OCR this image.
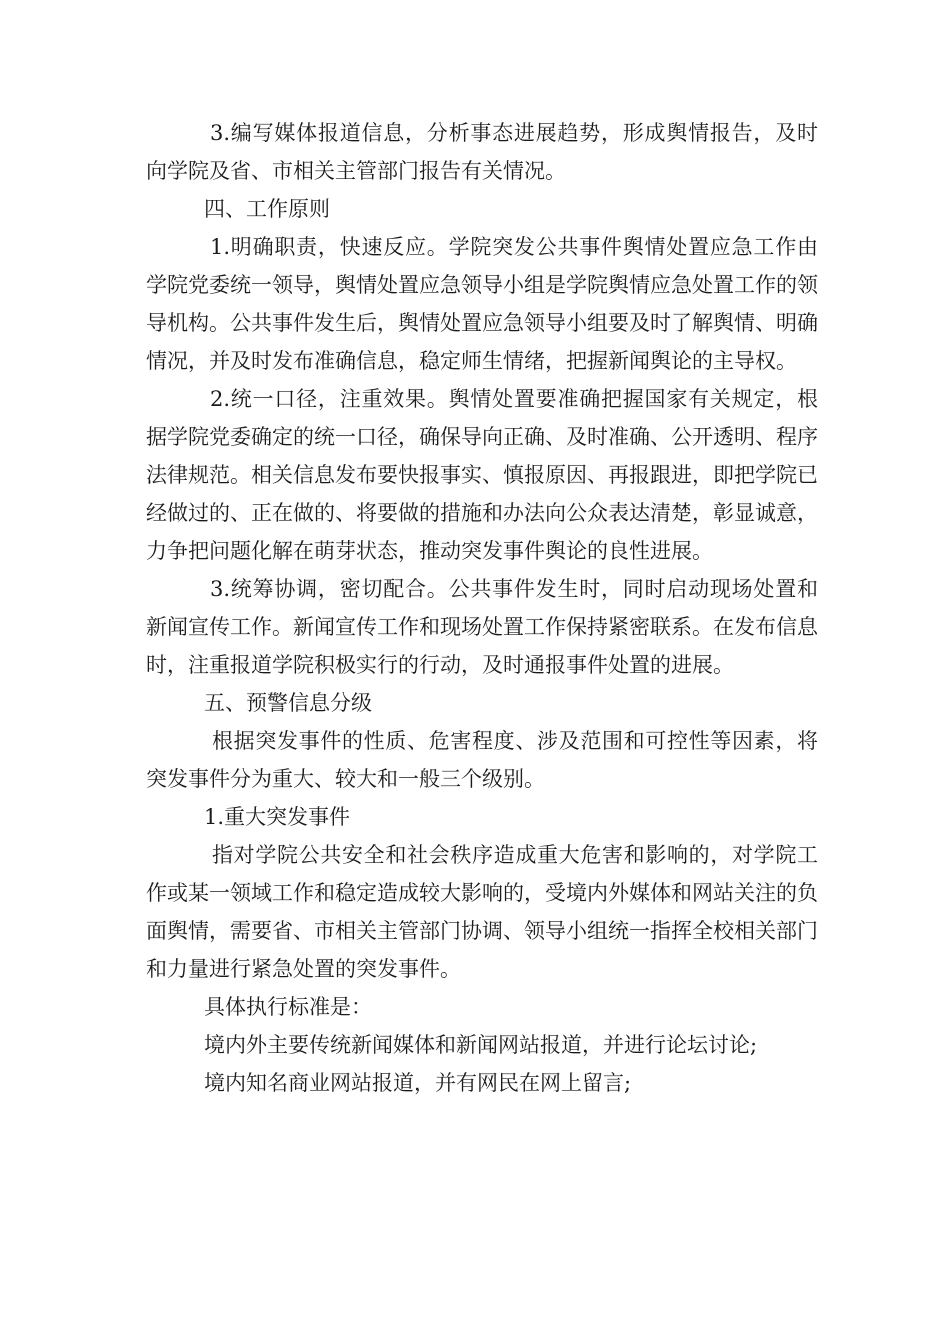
3.编写媒体报道信息，分析事态进展趋势，形成舆情报告，及时向学院及省、市相关主管部门报告有关情况。

四、工作原则

1.明确职责，快速反应。学院突发公共事件舆情处置应急工作由学院党委统一领导，舆情处置应急领导小组是学院舆情应急处置工作的领导机构。公共事件发生后，舆情处置应急领导小组要及时了解舆情、明确情况，并及时发布准确信息，稳定师生情绪，把握新闻舆论的主导权。

2.统一口径，注重效果。舆情处置要准确把握国家有关规定，根据学院党委确定的统一口径，确保导向正确、及时准确、公开透明、程序法律规范。相关信息发布要快报事实、慎报原因、再报跟进，即把学院已经做过的、正在做的、将要做的措施和办法向公众表达清楚，彰显诚意，力争把问题化解在萌芽状态，推动突发事件舆论的良性进展。

3.统筹协调，密切配合。公共事件发生时，同时启动现场处置和新闻宣传工作。新闻宣传工作和现场处置工作保持紧密联系。在发布信息时，注重报道学院积极实行的行动，及时通报事件处置的进展。

五、预警信息分级

根据突发事件的性质、危害程度、涉及范围和可控性等因素，将突发事件分为重大、较大和一般三个级别。

1.重大突发事件

指对学院公共安全和社会秩序造成重大危害和影响的，对学院工作或某一领域工作和稳定造成较大影响的，受境内外媒体和网站关注的负面舆情，需要省、市相关主管部门协调、领导小组统一指挥全校相关部门和力量进行紧急处置的突发事件。

具体执行标准是：

境内外主要传统新闻媒体和新闻网站报道，并进行论坛讨论;

境内知名商业网站报道，并有网民在网上留言;
